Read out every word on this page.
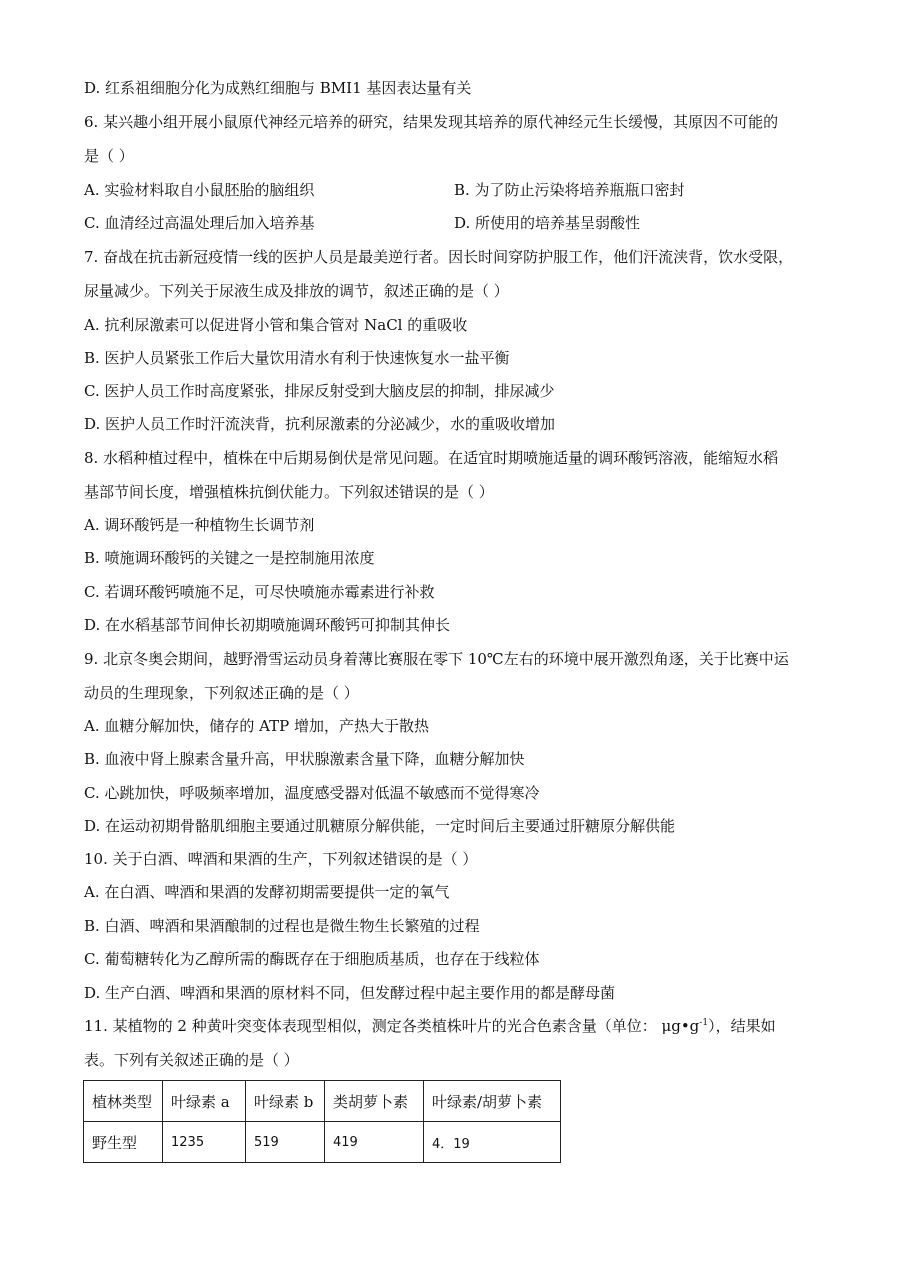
D. 红系祖细胞分化为成熟红细胞与 BMI1 基因表达量有关
6. 某兴趣小组开展小鼠原代神经元培养的研究，结果发现其培养的原代神经元生长缓慢，其原因不可能的
是（ ）
A. 实验材料取自小鼠胚胎的脑组织	B. 为了防止污染将培养瓶瓶口密封
C. 血清经过高温处理后加入培养基	D. 所使用的培养基呈弱酸性
7. 奋战在抗击新冠疫情一线的医护人员是最美逆行者。因长时间穿防护服工作，他们汗流浃背，饮水受限，
尿量减少。下列关于尿液生成及排放的调节，叙述正确的是（ ）
A. 抗利尿激素可以促进肾小管和集合管对 NaCl 的重吸收
B. 医护人员紧张工作后大量饮用清水有利于快速恢复水一盐平衡
C. 医护人员工作时高度紧张，排尿反射受到大脑皮层的抑制，排尿减少
D. 医护人员工作时汗流浃背，抗利尿激素的分泌减少，水的重吸收增加
8. 水稻种植过程中，植株在中后期易倒伏是常见问题。在适宜时期喷施适量的调环酸钙溶液，能缩短水稻
基部节间长度，增强植株抗倒伏能力。下列叙述错误的是（ ）
A. 调环酸钙是一种植物生长调节剂
B. 喷施调环酸钙的关键之一是控制施用浓度
C. 若调环酸钙喷施不足，可尽快喷施赤霉素进行补救
D. 在水稻基部节间伸长初期喷施调环酸钙可抑制其伸长
9. 北京冬奥会期间，越野滑雪运动员身着薄比赛服在零下 10℃左右的环境中展开激烈角逐，关于比赛中运
动员的生理现象，下列叙述正确的是（ ）
A. 血糖分解加快，储存的 ATP 增加，产热大于散热
B. 血液中肾上腺素含量升高，甲状腺激素含量下降，血糖分解加快
C. 心跳加快，呼吸频率增加，温度感受器对低温不敏感而不觉得寒冷
D. 在运动初期骨骼肌细胞主要通过肌糖原分解供能，一定时间后主要通过肝糖原分解供能
10. 关于白酒、啤酒和果酒的生产，下列叙述错误的是（ ）
A. 在白酒、啤酒和果酒的发酵初期需要提供一定的氧气
B. 白酒、啤酒和果酒酿制的过程也是微生物生长繁殖的过程
C. 葡萄糖转化为乙醇所需的酶既存在于细胞质基质，也存在于线粒体
D. 生产白酒、啤酒和果酒的原材料不同，但发酵过程中起主要作用的都是酵母菌
11. 某植物的 2 种黄叶突变体表现型相似，测定各类植株叶片的光合色素含量（单位： $\mu g•g^{-1}$），结果如
表。下列有关叙述正确的是（ ）
植林类型	叶绿素 a	叶绿素 b	类胡萝卜素	叶绿素/胡萝卜素
野生型	1235	519	419	4．19
